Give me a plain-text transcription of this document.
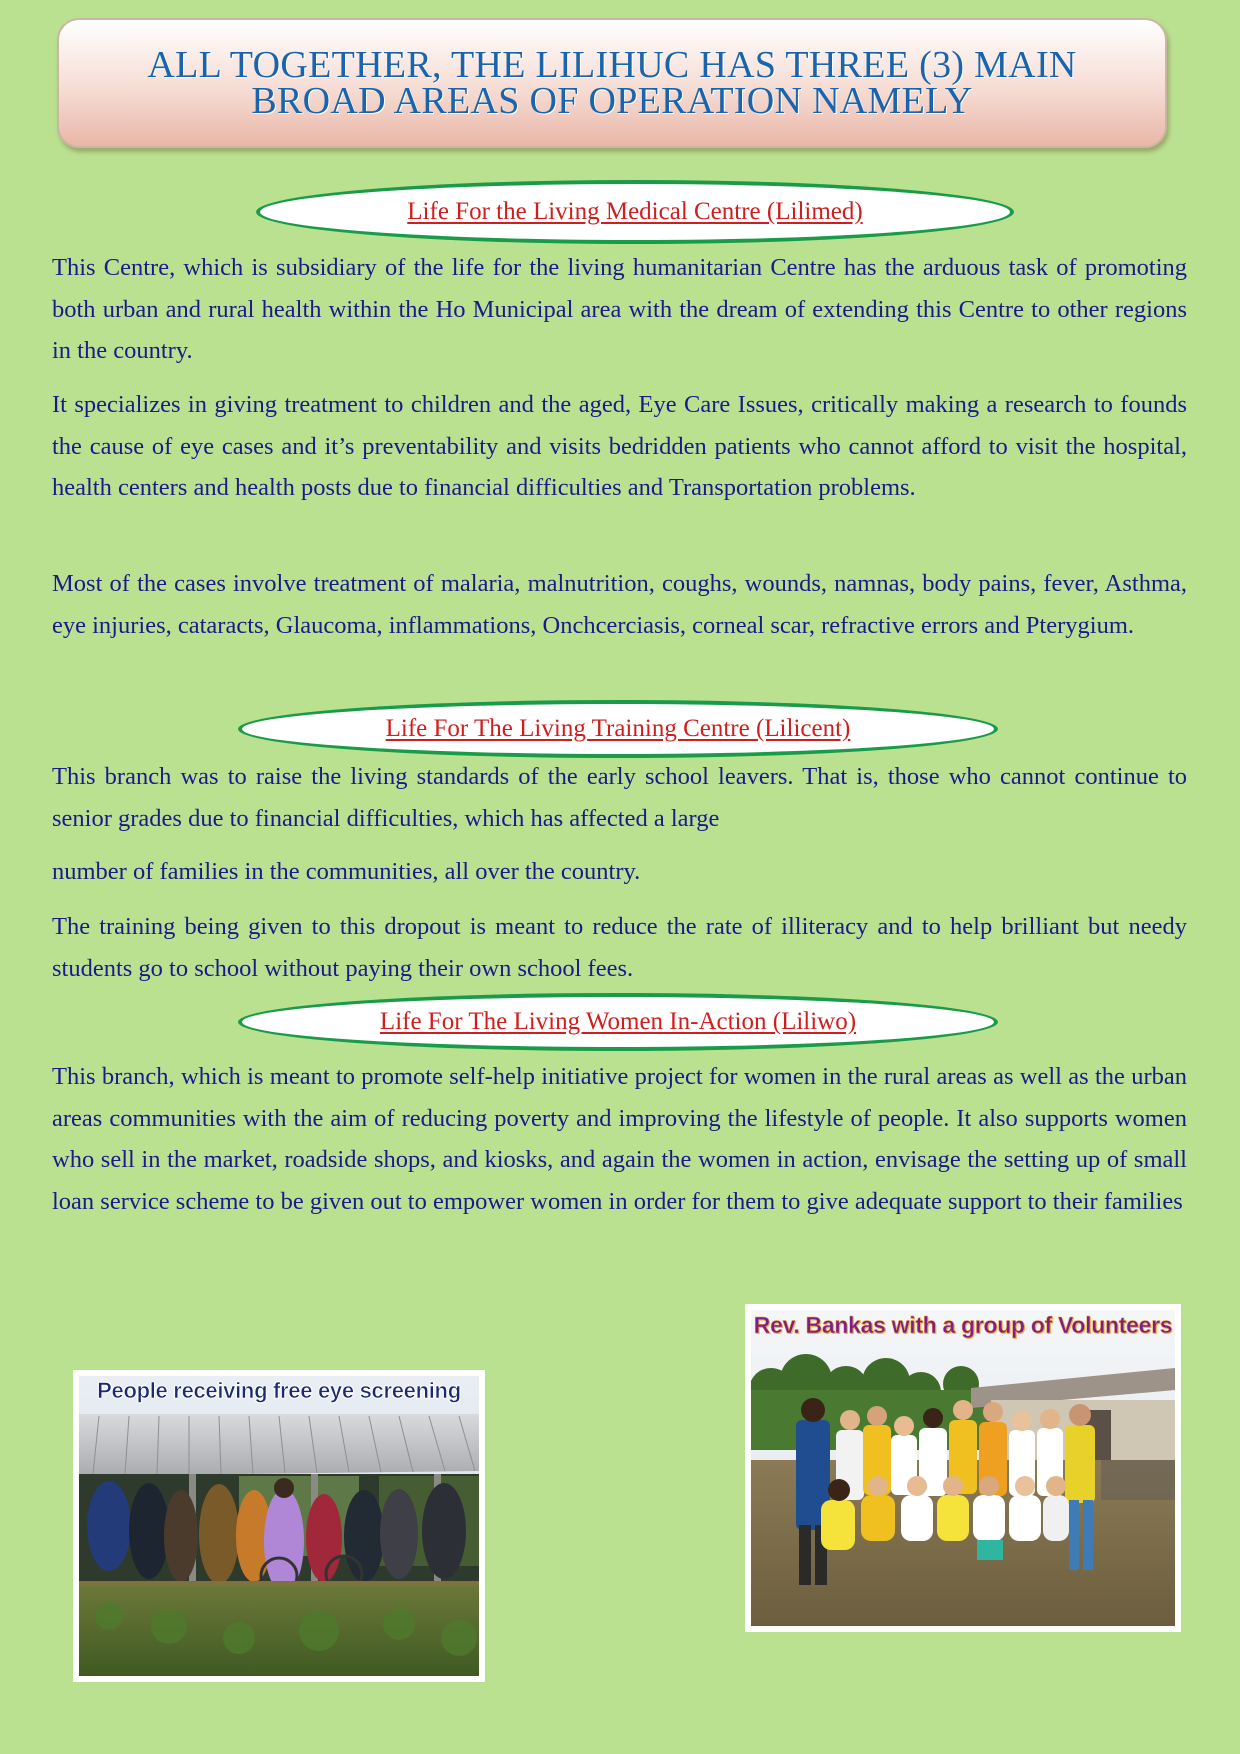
ALL TOGETHER, THE LILIHUC HAS THREE (3) MAIN
BROAD AREAS OF OPERATION NAMELY
Life For the Living Medical Centre (Lilimed)

This Centre, which is subsidiary of the life for the living humanitarian Centre has the arduous task of promoting both urban and rural health within the Ho Municipal area with the dream of extending this Centre to other regions in the country.

It specializes in giving treatment to children and the aged, Eye Care Issues, critically making a research to founds the cause of eye cases and it’s preventability and visits bedridden patients who cannot afford to visit the hospital, health centers and health posts due to financial difficulties and Transportation problems.

Most of the cases involve treatment of malaria, malnutrition, coughs, wounds, namnas, body pains, fever, Asthma, eye injuries, cataracts, Glaucoma, inflammations, Onchcerciasis, corneal scar, refractive errors and Pterygium.

Life For The Living Training Centre (Lilicent)

This branch was to raise the living standards of the early school leavers. That is, those who cannot continue to senior grades due to financial difficulties, which has affected a large

number of families in the communities, all over the country.

The training being given to this dropout is meant to reduce the rate of illiteracy and to help brilliant but needy students go to school without paying their own school fees.

Life For The Living Women In-Action (Liliwo)

This branch, which is meant to promote self-help initiative project for women in the rural areas as well as the urban areas communities with the aim of reducing poverty and improving the lifestyle of people. It also supports women who sell in the market, roadside shops, and kiosks, and again the women in action, envisage the setting up of small loan service scheme to be given out to empower women in order for them to give adequate support to their families

People receiving free eye screening
Rev. Bankas with a group of Volunteers
